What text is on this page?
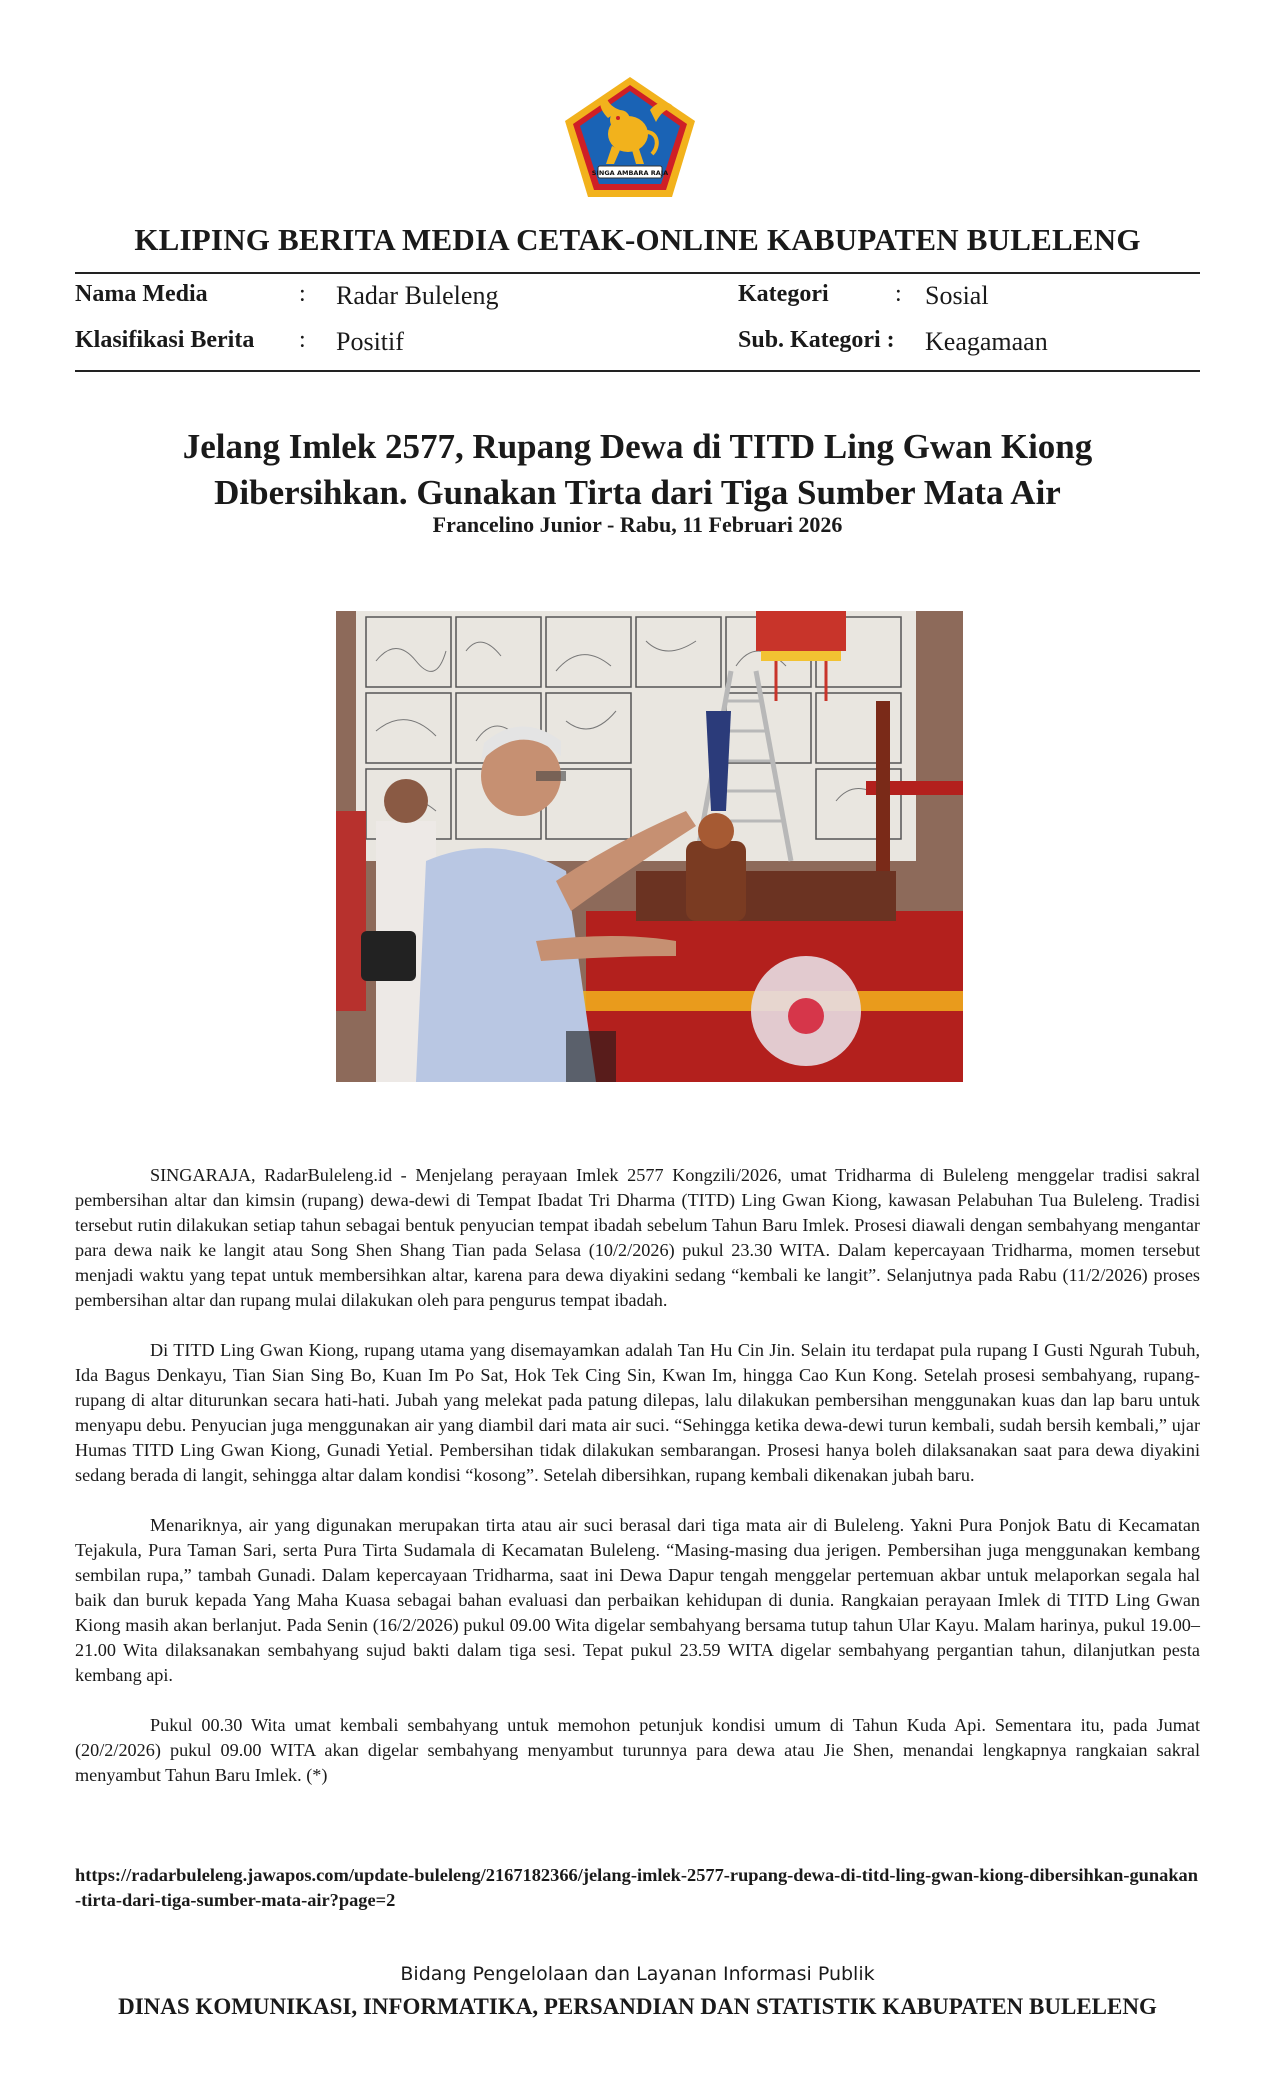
SINGA AMBARA RAJA
KLIPING BERITA MEDIA CETAK-ONLINE KABUPATEN BULELENG
Nama Media	: Radar Buleleng	Kategori	: Sosial
Klasifikasi Berita : Positif	Sub. Kategori : Keagamaan
Jelang Imlek 2577, Rupang Dewa di TITD Ling Gwan Kiong
Dibersihkan. Gunakan Tirta dari Tiga Sumber Mata Air
Francelino Junior - Rabu, 11 Februari 2026

SINGARAJA, RadarBuleleng.id - Menjelang perayaan Imlek 2577 Kongzili/2026, umat Tridharma di Buleleng menggelar tradisi sakral pembersihan altar dan kimsin (rupang) dewa-dewi di Tempat Ibadat Tri Dharma (TITD) Ling Gwan Kiong, kawasan Pelabuhan Tua Buleleng. Tradisi tersebut rutin dilakukan setiap tahun sebagai bentuk penyucian tempat ibadah sebelum Tahun Baru Imlek. Prosesi diawali dengan sembahyang mengantar para dewa naik ke langit atau Song Shen Shang Tian pada Selasa (10/2/2026) pukul 23.30 WITA. Dalam kepercayaan Tridharma, momen tersebut menjadi waktu yang tepat untuk membersihkan altar, karena para dewa diyakini sedang “kembali ke langit”. Selanjutnya pada Rabu (11/2/2026) proses pembersihan altar dan rupang mulai dilakukan oleh para pengurus tempat ibadah.

Di TITD Ling Gwan Kiong, rupang utama yang disemayamkan adalah Tan Hu Cin Jin. Selain itu terdapat pula rupang I Gusti Ngurah Tubuh, Ida Bagus Denkayu, Tian Sian Sing Bo, Kuan Im Po Sat, Hok Tek Cing Sin, Kwan Im, hingga Cao Kun Kong. Setelah prosesi sembahyang, rupang-rupang di altar diturunkan secara hati-hati. Jubah yang melekat pada patung dilepas, lalu dilakukan pembersihan menggunakan kuas dan lap baru untuk menyapu debu. Penyucian juga menggunakan air yang diambil dari mata air suci. “Sehingga ketika dewa-dewi turun kembali, sudah bersih kembali,” ujar Humas TITD Ling Gwan Kiong, Gunadi Yetial. Pembersihan tidak dilakukan sembarangan. Prosesi hanya boleh dilaksanakan saat para dewa diyakini sedang berada di langit, sehingga altar dalam kondisi “kosong”. Setelah dibersihkan, rupang kembali dikenakan jubah baru.

Menariknya, air yang digunakan merupakan tirta atau air suci berasal dari tiga mata air di Buleleng. Yakni Pura Ponjok Batu di Kecamatan Tejakula, Pura Taman Sari, serta Pura Tirta Sudamala di Kecamatan Buleleng. “Masing-masing dua jerigen. Pembersihan juga menggunakan kembang sembilan rupa,” tambah Gunadi. Dalam kepercayaan Tridharma, saat ini Dewa Dapur tengah menggelar pertemuan akbar untuk melaporkan segala hal baik dan buruk kepada Yang Maha Kuasa sebagai bahan evaluasi dan perbaikan kehidupan di dunia. Rangkaian perayaan Imlek di TITD Ling Gwan Kiong masih akan berlanjut. Pada Senin (16/2/2026) pukul 09.00 Wita digelar sembahyang bersama tutup tahun Ular Kayu. Malam harinya, pukul 19.00–21.00 Wita dilaksanakan sembahyang sujud bakti dalam tiga sesi. Tepat pukul 23.59 WITA digelar sembahyang pergantian tahun, dilanjutkan pesta kembang api.

Pukul 00.30 Wita umat kembali sembahyang untuk memohon petunjuk kondisi umum di Tahun Kuda Api. Sementara itu, pada Jumat (20/2/2026) pukul 09.00 WITA akan digelar sembahyang menyambut turunnya para dewa atau Jie Shen, menandai lengkapnya rangkaian sakral menyambut Tahun Baru Imlek. (*)

https://radarbuleleng.jawapos.com/update-buleleng/2167182366/jelang-imlek-2577-rupang-dewa-di-titd-ling-gwan-kiong-dibersihkan-gunakan-tirta-dari-tiga-sumber-mata-air?page=2
Bidang Pengelolaan dan Layanan Informasi Publik
DINAS KOMUNIKASI, INFORMATIKA, PERSANDIAN DAN STATISTIK KABUPATEN BULELENG
